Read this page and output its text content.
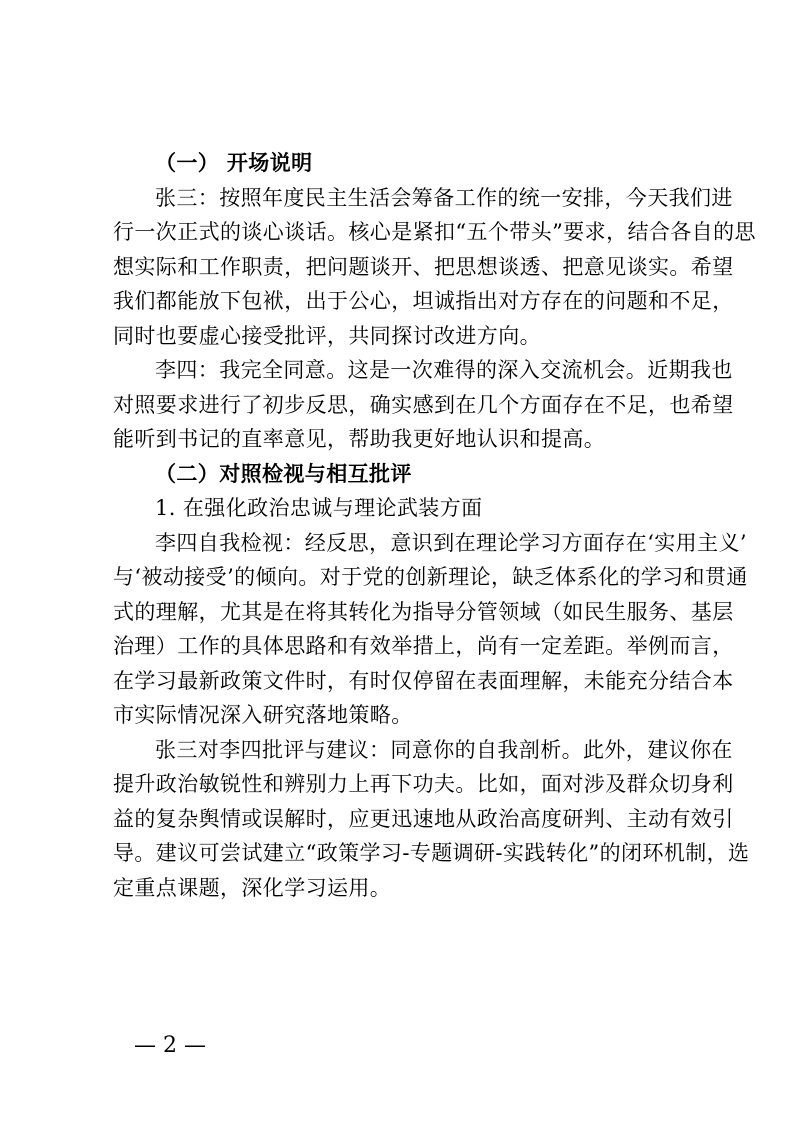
（一） 开场说明
张三：按照年度民主生活会筹备工作的统一安排，今天我们进
行一次正式的谈心谈话。核心是紧扣“五个带头”要求，结合各自的思
想实际和工作职责，把问题谈开、把思想谈透、把意见谈实。希望
我们都能放下包袱，出于公心，坦诚指出对方存在的问题和不足，
同时也要虚心接受批评，共同探讨改进方向。
李四：我完全同意。这是一次难得的深入交流机会。近期我也
对照要求进行了初步反思，确实感到在几个方面存在不足，也希望
能听到书记的直率意见，帮助我更好地认识和提高。
（二）对照检视与相互批评
1. 在强化政治忠诚与理论武装方面
李四自我检视：经反思，意识到在理论学习方面存在‘实用主义’
与‘被动接受’的倾向。对于党的创新理论，缺乏体系化的学习和贯通
式的理解，尤其是在将其转化为指导分管领域（如民生服务、基层
治理）工作的具体思路和有效举措上，尚有一定差距。举例而言，
在学习最新政策文件时，有时仅停留在表面理解，未能充分结合本
市实际情况深入研究落地策略。
张三对李四批评与建议：同意你的自我剖析。此外，建议你在
提升政治敏锐性和辨别力上再下功夫。比如，面对涉及群众切身利
益的复杂舆情或误解时，应更迅速地从政治高度研判、主动有效引
导。建议可尝试建立“政策学习-专题调研-实践转化”的闭环机制，选
定重点课题，深化学习运用。
— 2 —
